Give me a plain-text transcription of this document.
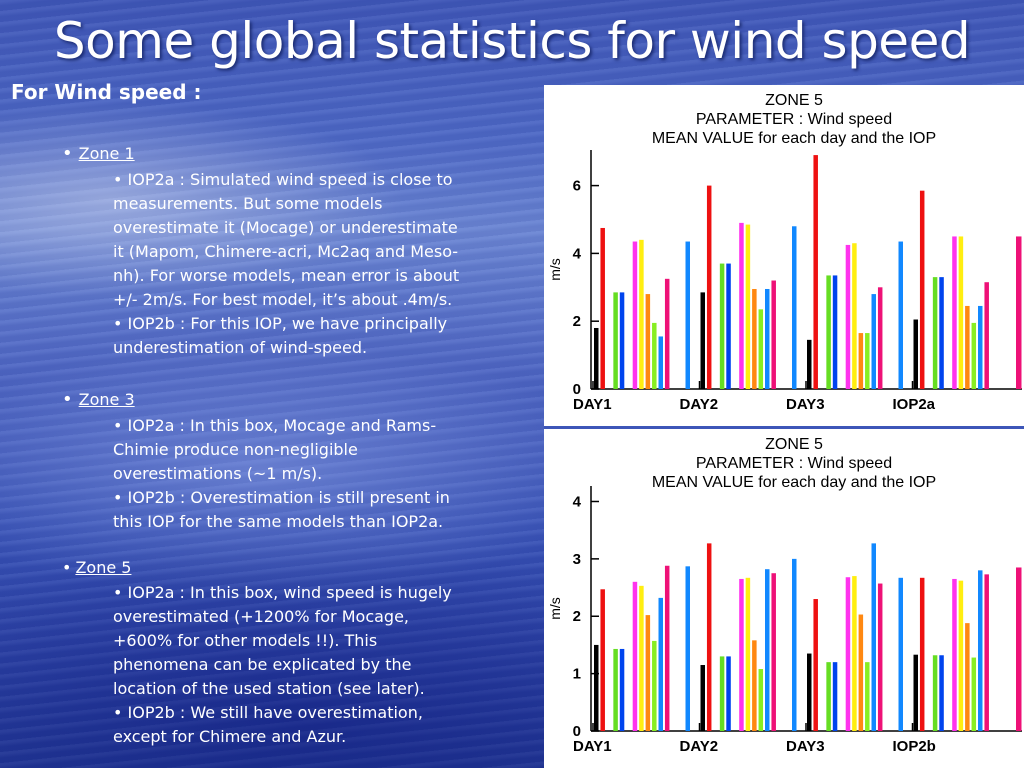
Some global statistics for wind speed
For Wind speed :
• Zone 1
• IOP2a : Simulated wind speed is close to
measurements. But some models
overestimate it (Mocage) or underestimate
it (Mapom, Chimere-acri, Mc2aq and Meso-
nh). For worse models, mean error is about
+/- 2m/s. For best model, it’s about .4m/s.
• IOP2b : For this IOP, we have principally
underestimation of wind-speed.
• Zone 3
• IOP2a : In this box, Mocage and Rams-
Chimie produce non-negligible
overestimations (~1 m/s).
• IOP2b : Overestimation is still present in
this IOP for the same models than IOP2a.
• Zone 5
• IOP2a : In this box, wind speed is hugely
overestimated (+1200% for Mocage,
+600% for other models !!). This
phenomena can be explicated by the
location of the used station (see later).
• IOP2b : We still have overestimation,
except for Chimere and Azur.
ZONE 5
PARAMETER : Wind speed
MEAN VALUE for each day and the IOP
0
2
4
6
m/s
DAY1	DAY2	DAY3	IOP2a
ZONE 5
PARAMETER : Wind speed
MEAN VALUE for each day and the IOP
0
1
2
3
4
m/s
DAY1	DAY2	DAY3	IOP2b
